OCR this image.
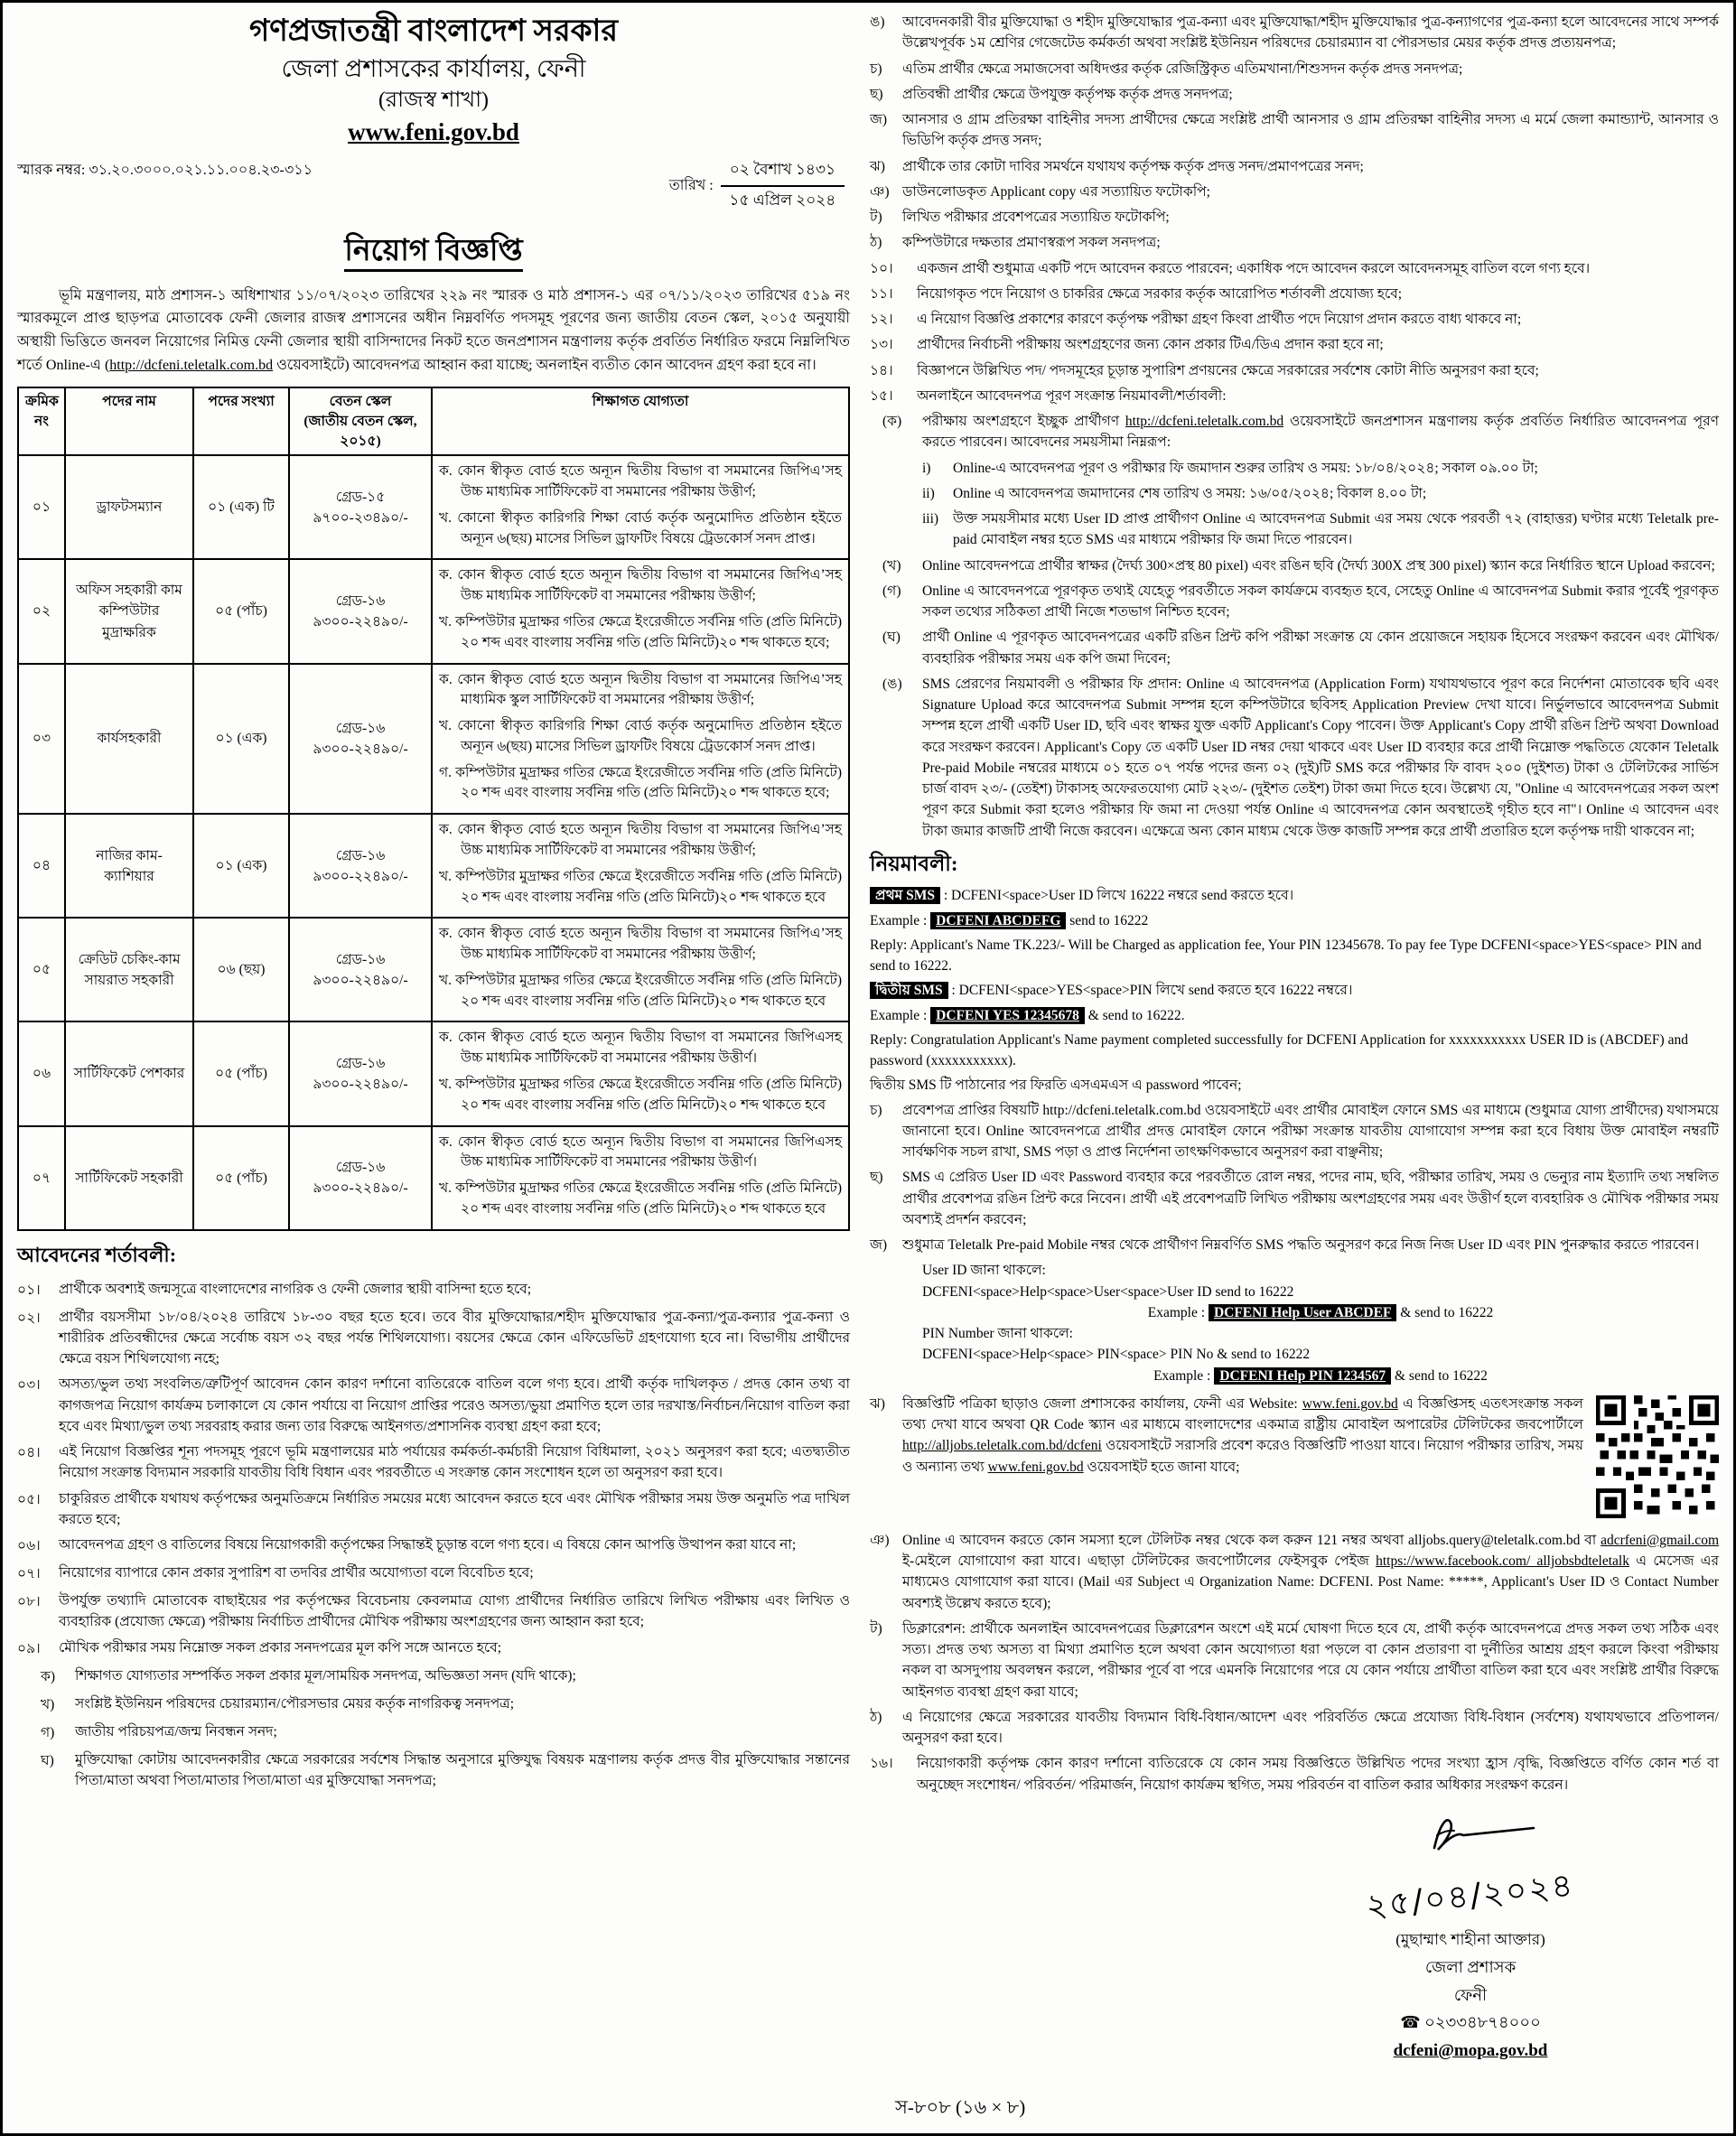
গণপ্রজাতন্ত্রী বাংলাদেশ সরকার
জেলা প্রশাসকের কার্যালয়, ফেনী
(রাজস্ব শাখা)
www.feni.gov.bd
স্মারক নম্বর: ৩১.২০.৩০০০.০২১.১১.০০৪.২৩-৩১১
তারিখ :
০২ বৈশাখ ১৪৩১
১৫ এপ্রিল ২০২৪
নিয়োগ বিজ্ঞপ্তি

ভূমি মন্ত্রণালয়, মাঠ প্রশাসন-১ অধিশাখার ১১/০৭/২০২৩ তারিখের ২২৯ নং স্মারক ও মাঠ প্রশাসন-১ এর ০৭/১১/২০২৩ তারিখের ৫১৯ নং স্মারকমূলে প্রাপ্ত ছাড়পত্র মোতাবেক ফেনী জেলার রাজস্ব প্রশাসনের অধীন নিম্নবর্ণিত পদসমূহ পূরণের জন্য জাতীয় বেতন স্কেল, ২০১৫ অনুযায়ী অস্থায়ী ভিত্তিতে জনবল নিয়োগের নিমিত্ত ফেনী জেলার স্থায়ী বাসিন্দাদের নিকট হতে জনপ্রশাসন মন্ত্রণালয় কর্তৃক প্রবর্তিত নির্ধারিত ফরমে নিম্নলিখিত শর্তে Online-এ (http://dcfeni.teletalk.com.bd ওয়েবসাইটে) আবেদনপত্র আহ্বান করা যাচ্ছে; অনলাইন ব্যতীত কোন আবেদন গ্রহণ করা হবে না।

ক্রমিক নং	পদের নাম	পদের সংখ্যা	বেতন স্কেল
(জাতীয় বেতন স্কেল,
২০১৫)	শিক্ষাগত যোগ্যতা
০১	ড্রাফটসম্যান	০১ (এক) টি	
গ্রেড-১৫
৯৭০০-২৩৪৯০/-

ক. কোন স্বীকৃত বোর্ড হতে অন্যূন দ্বিতীয় বিভাগ বা সমমানের জিপিএ’সহ উচ্চ মাধ্যমিক সার্টিফিকেট বা সমমানের পরীক্ষায় উত্তীর্ণ;
খ. কোনো স্বীকৃত কারিগরি শিক্ষা বোর্ড কর্তৃক অনুমোদিত প্রতিষ্ঠান হইতে অন্যূন ৬(ছয়) মাসের সিভিল ড্রাফটিং বিষয়ে ট্রেডকোর্স সনদ প্রাপ্ত।

০২	অফিস সহকারী কাম কম্পিউটার মুদ্রাক্ষরিক	০৫ (পাঁচ)	
গ্রেড-১৬
৯৩০০-২২৪৯০/-

ক. কোন স্বীকৃত বোর্ড হতে অন্যূন দ্বিতীয় বিভাগ বা সমমানের জিপিএ’সহ উচ্চ মাধ্যমিক সার্টিফিকেট বা সমমানের পরীক্ষায় উত্তীর্ণ;
খ. কম্পিউটার মুদ্রাক্ষর গতির ক্ষেত্রে ইংরেজীতে সর্বনিম্ন গতি (প্রতি মিনিটে) ২০ শব্দ এবং বাংলায় সর্বনিম্ন গতি (প্রতি মিনিটে)২০ শব্দ থাকতে হবে;

০৩	কার্যসহকারী	০১ (এক)	
গ্রেড-১৬
৯৩০০-২২৪৯০/-

ক. কোন স্বীকৃত বোর্ড হতে অন্যূন দ্বিতীয় বিভাগ বা সমমানের জিপিএ’সহ মাধ্যমিক স্কুল সার্টিফিকেট বা সমমানের পরীক্ষায় উত্তীর্ণ;
খ. কোনো স্বীকৃত কারিগরি শিক্ষা বোর্ড কর্তৃক অনুমোদিত প্রতিষ্ঠান হইতে অন্যূন ৬(ছয়) মাসের সিভিল ড্রাফটিং বিষয়ে ট্রেডকোর্স সনদ প্রাপ্ত।
গ. কম্পিউটার মুদ্রাক্ষর গতির ক্ষেত্রে ইংরেজীতে সর্বনিম্ন গতি (প্রতি মিনিটে) ২০ শব্দ এবং বাংলায় সর্বনিম্ন গতি (প্রতি মিনিটে)২০ শব্দ থাকতে হবে;

০৪	নাজির কাম-ক্যাশিয়ার	০১ (এক)	
গ্রেড-১৬
৯৩০০-২২৪৯০/-

ক. কোন স্বীকৃত বোর্ড হতে অন্যূন দ্বিতীয় বিভাগ বা সমমানের জিপিএ’সহ উচ্চ মাধ্যমিক সার্টিফিকেট বা সমমানের পরীক্ষায় উত্তীর্ণ;
খ. কম্পিউটার মুদ্রাক্ষর গতির ক্ষেত্রে ইংরেজীতে সর্বনিম্ন গতি (প্রতি মিনিটে) ২০ শব্দ এবং বাংলায় সর্বনিম্ন গতি (প্রতি মিনিটে)২০ শব্দ থাকতে হবে

০৫	ক্রেডিট চেকিং-কাম সায়রাত সহকারী	০৬ (ছয়)	
গ্রেড-১৬
৯৩০০-২২৪৯০/-

ক. কোন স্বীকৃত বোর্ড হতে অন্যূন দ্বিতীয় বিভাগ বা সমমানের জিপিএ’সহ উচ্চ মাধ্যমিক সার্টিফিকেট বা সমমানের পরীক্ষায় উত্তীর্ণ;
খ. কম্পিউটার মুদ্রাক্ষর গতির ক্ষেত্রে ইংরেজীতে সর্বনিম্ন গতি (প্রতি মিনিটে) ২০ শব্দ এবং বাংলায় সর্বনিম্ন গতি (প্রতি মিনিটে)২০ শব্দ থাকতে হবে

০৬	সার্টিফিকেট পেশকার	০৫ (পাঁচ)	
গ্রেড-১৬
৯৩০০-২২৪৯০/-

ক. কোন স্বীকৃত বোর্ড হতে অন্যূন দ্বিতীয় বিভাগ বা সমমানের জিপিএসহ উচ্চ মাধ্যমিক সার্টিফিকেট বা সমমানের পরীক্ষায় উত্তীর্ণ।
খ. কম্পিউটার মুদ্রাক্ষর গতির ক্ষেত্রে ইংরেজীতে সর্বনিম্ন গতি (প্রতি মিনিটে) ২০ শব্দ এবং বাংলায় সর্বনিম্ন গতি (প্রতি মিনিটে)২০ শব্দ থাকতে হবে

০৭	সার্টিফিকেট সহকারী	০৫ (পাঁচ)	
গ্রেড-১৬
৯৩০০-২২৪৯০/-

ক. কোন স্বীকৃত বোর্ড হতে অন্যূন দ্বিতীয় বিভাগ বা সমমানের জিপিএসহ উচ্চ মাধ্যমিক সার্টিফিকেট বা সমমানের পরীক্ষায় উত্তীর্ণ।
খ. কম্পিউটার মুদ্রাক্ষর গতির ক্ষেত্রে ইংরেজীতে সর্বনিম্ন গতি (প্রতি মিনিটে) ২০ শব্দ এবং বাংলায় সর্বনিম্ন গতি (প্রতি মিনিটে)২০ শব্দ থাকতে হবে
আবেদনের শর্তাবলী:
০১।	প্রার্থীকে অবশ্যই জন্মসূত্রে বাংলাদেশের নাগরিক ও ফেনী জেলার স্থায়ী বাসিন্দা হতে হবে;
০২।	প্রার্থীর বয়সসীমা ১৮/০৪/২০২৪ তারিখে ১৮-৩০ বছর হতে হবে। তবে বীর মুক্তিযোদ্ধার/শহীদ মুক্তিযোদ্ধার পুত্র-কন্যা/পুত্র-কন্যার পুত্র-কন্যা ও শারীরিক প্রতিবন্ধীদের ক্ষেত্রে সর্বোচ্চ বয়স ৩২ বছর পর্যন্ত শিথিলযোগ্য। বয়সের ক্ষেত্রে কোন এফিডেভিট গ্রহণযোগ্য হবে না। বিভাগীয় প্রার্থীদের ক্ষেত্রে বয়স শিথিলযোগ্য নহে;
০৩।	অসত্য/ভুল তথ্য সংবলিত/ত্রুটিপূর্ণ আবেদন কোন কারণ দর্শানো ব্যতিরেকে বাতিল বলে গণ্য হবে। প্রার্থী কর্তৃক দাখিলকৃত / প্রদত্ত কোন তথ্য বা কাগজপত্র নিয়োগ কার্যক্রম চলাকালে যে কোন পর্যায়ে বা নিয়োগ প্রাপ্তির পরেও অসত্য/ভুয়া প্রমাণিত হলে তার দরখাস্ত/নির্বাচন/নিয়োগ বাতিল করা হবে এবং মিথ্যা/ভুল তথ্য সরবরাহ করার জন্য তার বিরুদ্ধে আইনগত/প্রশাসনিক ব্যবস্থা গ্রহণ করা হবে;
০৪।	এই নিয়োগ বিজ্ঞপ্তির শূন্য পদসমূহ পূরণে ভূমি মন্ত্রণালয়ের মাঠ পর্যায়ের কর্মকর্তা-কর্মচারী নিয়োগ বিধিমালা, ২০২১ অনুসরণ করা হবে; এতদ্ব্যতীত নিয়োগ সংক্রান্ত বিদ্যমান সরকারি যাবতীয় বিধি বিধান এবং পরবর্তীতে এ সংক্রান্ত কোন সংশোধন হলে তা অনুসরণ করা হবে।
০৫।	চাকুরিরত প্রার্থীকে যথাযথ কর্তৃপক্ষের অনুমতিক্রমে নির্ধারিত সময়ের মধ্যে আবেদন করতে হবে এবং মৌখিক পরীক্ষার সময় উক্ত অনুমতি পত্র দাখিল করতে হবে;
০৬।	আবেদনপত্র গ্রহণ ও বাতিলের বিষয়ে নিয়োগকারী কর্তৃপক্ষের সিদ্ধান্তই চূড়ান্ত বলে গণ্য হবে। এ বিষয়ে কোন আপত্তি উত্থাপন করা যাবে না;
০৭।	নিয়োগের ব্যাপারে কোন প্রকার সুপারিশ বা তদবির প্রার্থীর অযোগ্যতা বলে বিবেচিত হবে;
০৮।	উপর্যুক্ত তথ্যাদি মোতাবেক বাছাইয়ের পর কর্তৃপক্ষের বিবেচনায় কেবলমাত্র যোগ্য প্রার্থীদের নির্ধারিত তারিখে লিখিত পরীক্ষায় এবং লিখিত ও ব্যবহারিক (প্রযোজ্য ক্ষেত্রে) পরীক্ষায় নির্বাচিত প্রার্থীদের মৌখিক পরীক্ষায় অংশগ্রহণের জন্য আহ্বান করা হবে;
০৯।	মৌখিক পরীক্ষার সময় নিম্নোক্ত সকল প্রকার সনদপত্রের মূল কপি সঙ্গে আনতে হবে;
ক)	শিক্ষাগত যোগ্যতার সম্পর্কিত সকল প্রকার মূল/সাময়িক সনদপত্র, অভিজ্ঞতা সনদ (যদি থাকে);
খ)	সংশ্লিষ্ট ইউনিয়ন পরিষদের চেয়ারম্যান/পৌরসভার মেয়র কর্তৃক নাগরিকত্ব সনদপত্র;
গ)	জাতীয় পরিচয়পত্র/জন্ম নিবন্ধন সনদ;
ঘ)	মুক্তিযোদ্ধা কোটায় আবেদনকারীর ক্ষেত্রে সরকারের সর্বশেষ সিদ্ধান্ত অনুসারে মুক্তিযুদ্ধ বিষয়ক মন্ত্রণালয় কর্তৃক প্রদত্ত বীর মুক্তিযোদ্ধার সন্তানের পিতা/মাতা অথবা পিতা/মাতার পিতা/মাতা এর মুক্তিযোদ্ধা সনদপত্র;
ঙ)	আবেদনকারী বীর মুক্তিযোদ্ধা ও শহীদ মুক্তিযোদ্ধার পুত্র-কন্যা এবং মুক্তিযোদ্ধা/শহীদ মুক্তিযোদ্ধার পুত্র-কন্যাগণের পুত্র-কন্যা হলে আবেদনের সাথে সম্পর্ক উল্লেখপূর্বক ১ম শ্রেণির গেজেটেড কর্মকর্তা অথবা সংশ্লিষ্ট ইউনিয়ন পরিষদের চেয়ারম্যান বা পৌরসভার মেয়র কর্তৃক প্রদত্ত প্রত্যয়নপত্র;
চ)	এতিম প্রার্থীর ক্ষেত্রে সমাজসেবা অধিদপ্তর কর্তৃক রেজিস্ট্রিকৃত এতিমখানা/শিশুসদন কর্তৃক প্রদত্ত সনদপত্র;
ছ)	প্রতিবন্ধী প্রার্থীর ক্ষেত্রে উপযুক্ত কর্তৃপক্ষ কর্তৃক প্রদত্ত সনদপত্র;
জ)	আনসার ও গ্রাম প্রতিরক্ষা বাহিনীর সদস্য প্রার্থীদের ক্ষেত্রে সংশ্লিষ্ট প্রার্থী আনসার ও গ্রাম প্রতিরক্ষা বাহিনীর সদস্য এ মর্মে জেলা কমান্ড্যান্ট, আনসার ও ভিডিপি কর্তৃক প্রদত্ত সনদ;
ঝ)	প্রার্থীকে তার কোটা দাবির সমর্থনে যথাযথ কর্তৃপক্ষ কর্তৃক প্রদত্ত সনদ/প্রমাণপত্রের সনদ;
ঞ) ডাউনলোডকৃত Applicant copy এর সত্যায়িত ফটোকপি;
ট)	লিখিত পরীক্ষার প্রবেশপত্রের সত্যায়িত ফটোকপি;
ঠ)	কম্পিউটারে দক্ষতার প্রমাণস্বরূপ সকল সনদপত্র;
১০।	একজন প্রার্থী শুধুমাত্র একটি পদে আবেদন করতে পারবেন; একাধিক পদে আবেদন করলে আবেদনসমূহ বাতিল বলে গণ্য হবে।
১১।	নিয়োগকৃত পদে নিয়োগ ও চাকরির ক্ষেত্রে সরকার কর্তৃক আরোপিত শর্তাবলী প্রযোজ্য হবে;
১২।	এ নিয়োগ বিজ্ঞপ্তি প্রকাশের কারণে কর্তৃপক্ষ পরীক্ষা গ্রহণ কিংবা প্রার্থীত পদে নিয়োগ প্রদান করতে বাধ্য থাকবে না;
১৩।	প্রার্থীদের নির্বাচনী পরীক্ষায় অংশগ্রহণের জন্য কোন প্রকার টিএ/ডিএ প্রদান করা হবে না;
১৪।	বিজ্ঞাপনে উল্লিখিত পদ/ পদসমূহের চূড়ান্ত সুপারিশ প্রণয়নের ক্ষেত্রে সরকারের সর্বশেষ কোটা নীতি অনুসরণ করা হবে;
১৫।	অনলাইনে আবেদনপত্র পূরণ সংক্রান্ত নিয়মাবলী/শর্তাবলী:
(ক)	পরীক্ষায় অংশগ্রহণে ইচ্ছুক প্রার্থীগণ http://dcfeni.teletalk.com.bd ওয়েবসাইটে জনপ্রশাসন মন্ত্রণালয় কর্তৃক প্রবর্তিত নির্ধারিত আবেদনপত্র পূরণ করতে পারবেন। আবেদনের সময়সীমা নিম্নরূপ:
i)	Online-এ আবেদনপত্র পূরণ ও পরীক্ষার ফি জমাদান শুরুর তারিখ ও সময়: ১৮/০৪/২০২৪; সকাল ০৯.০০ টা;
ii)	Online এ আবেদনপত্র জমাদানের শেষ তারিখ ও সময়: ১৬/০৫/২০২৪; বিকাল ৪.০০ টা;
iii)	উক্ত সময়সীমার মধ্যে User ID প্রাপ্ত প্রার্থীগণ Online এ আবেদনপত্র Submit এর সময় থেকে পরবর্তী ৭২ (বাহাত্তর) ঘণ্টার মধ্যে Teletalk pre-paid মোবাইল নম্বর হতে SMS এর মাধ্যমে পরীক্ষার ফি জমা দিতে পারবেন।
(খ)	Online আবেদনপত্রে প্রার্থীর স্বাক্ষর (দৈর্ঘ্য 300×প্রস্থ 80 pixel) এবং রঙিন ছবি (দৈর্ঘ্য 300X প্রস্থ 300 pixel) স্ক্যান করে নির্ধারিত স্থানে Upload করবেন;
(গ)	Online এ আবেদনপত্রে পূরণকৃত তথ্যই যেহেতু পরবর্তীতে সকল কার্যক্রমে ব্যবহৃত হবে, সেহেতু Online এ আবেদনপত্র Submit করার পূর্বেই পূরণকৃত সকল তথ্যের সঠিকতা প্রার্থী নিজে শতভাগ নিশ্চিত হবেন;
(ঘ)	প্রার্থী Online এ পূরণকৃত আবেদনপত্রের একটি রঙিন প্রিন্ট কপি পরীক্ষা সংক্রান্ত যে কোন প্রয়োজনে সহায়ক হিসেবে সংরক্ষণ করবেন এবং মৌখিক/ব্যবহারিক পরীক্ষার সময় এক কপি জমা দিবেন;
(ঙ)	SMS প্রেরণের নিয়মাবলী ও পরীক্ষার ফি প্রদান: Online এ আবেদনপত্র (Application Form) যথাযথভাবে পূরণ করে নির্দেশনা মোতাবেক ছবি এবং Signature Upload করে আবেদনপত্র Submit সম্পন্ন হলে কম্পিউটারে ছবিসহ Application Preview দেখা যাবে। নির্ভুলভাবে আবেদনপত্র Submit সম্পন্ন হলে প্রার্থী একটি User ID, ছবি এবং স্বাক্ষর যুক্ত একটি Applicant's Copy পাবেন। উক্ত Applicant's Copy প্রার্থী রঙিন প্রিন্ট অথবা Download করে সংরক্ষণ করবেন। Applicant's Copy তে একটি User ID নম্বর দেয়া থাকবে এবং User ID ব্যবহার করে প্রার্থী নিম্নোক্ত পদ্ধতিতে যেকোন Teletalk Pre-paid Mobile নম্বরের মাধ্যমে ০১ হতে ০৭ পর্যন্ত পদের জন্য ০২ (দুই)টি SMS করে পরীক্ষার ফি বাবদ ২০০ (দুইশত) টাকা ও টেলিটকের সার্ভিস চার্জ বাবদ ২৩/- (তেইশ) টাকাসহ অফেরতযোগ্য মোট ২২৩/- (দুইশত তেইশ) টাকা জমা দিতে হবে। উল্লেখ্য যে, "Online এ আবেদনপত্রের সকল অংশ পূরণ করে Submit করা হলেও পরীক্ষার ফি জমা না দেওয়া পর্যন্ত Online এ আবেদনপত্র কোন অবস্থাতেই গৃহীত হবে না"। Online এ আবেদন এবং টাকা জমার কাজটি প্রার্থী নিজে করবেন। এক্ষেত্রে অন্য কোন মাধ্যম থেকে উক্ত কাজটি সম্পন্ন করে প্রার্থী প্রতারিত হলে কর্তৃপক্ষ দায়ী থাকবেন না;
নিয়মাবলী:
প্রথম SMS : DCFENI<space>User ID লিখে 16222 নম্বরে send করতে হবে।
Example : DCFENI ABCDEFG send to 16222
Reply: Applicant's Name TK.223/- Will be Charged as application fee, Your PIN 12345678. To pay fee Type DCFENI<space>YES<space> PIN and send to 16222.
দ্বিতীয় SMS : DCFENI<space>YES<space>PIN লিখে send করতে হবে 16222 নম্বরে।
Example : DCFENI YES 12345678 & send to 16222.
Reply: Congratulation Applicant's Name payment completed successfully for DCFENI Application for xxxxxxxxxxx USER ID is (ABCDEF) and password (xxxxxxxxxxx).
দ্বিতীয় SMS টি পাঠানোর পর ফিরতি এসএমএস এ password পাবেন;
চ)	প্রবেশপত্র প্রাপ্তির বিষয়টি http://dcfeni.teletalk.com.bd ওয়েবসাইটে এবং প্রার্থীর মোবাইল ফোনে SMS এর মাধ্যমে (শুধুমাত্র যোগ্য প্রার্থীদের) যথাসময়ে জানানো হবে। Online আবেদনপত্রে প্রার্থীর প্রদত্ত মোবাইল ফোনে পরীক্ষা সংক্রান্ত যাবতীয় যোগাযোগ সম্পন্ন করা হবে বিধায় উক্ত মোবাইল নম্বরটি সার্বক্ষণিক সচল রাখা, SMS পড়া ও প্রাপ্ত নির্দেশনা তাৎক্ষণিকভাবে অনুসরণ করা বাঞ্ছনীয়;
ছ)	SMS এ প্রেরিত User ID এবং Password ব্যবহার করে পরবর্তীতে রোল নম্বর, পদের নাম, ছবি, পরীক্ষার তারিখ, সময় ও ভেন্যুর নাম ইত্যাদি তথ্য সম্বলিত প্রার্থীর প্রবেশপত্র রঙিন প্রিন্ট করে নিবেন। প্রার্থী এই প্রবেশপত্রটি লিখিত পরীক্ষায় অংশগ্রহণের সময় এবং উত্তীর্ণ হলে ব্যবহারিক ও মৌখিক পরীক্ষার সময় অবশ্যই প্রদর্শন করবেন;
জ)	শুধুমাত্র Teletalk Pre-paid Mobile নম্বর থেকে প্রার্থীগণ নিম্নবর্ণিত SMS পদ্ধতি অনুসরণ করে নিজ নিজ User ID এবং PIN পুনরুদ্ধার করতে পারবেন।
User ID জানা থাকলে:
DCFENI<space>Help<space>User<space>User ID send to 16222
Example : DCFENI Help User ABCDEF & send to 16222
PIN Number জানা থাকলে:
DCFENI<space>Help<space> PIN<space> PIN No & send to 16222
Example : DCFENI Help PIN 1234567 & send to 16222
ঝ)	বিজ্ঞপ্তিটি পত্রিকা ছাড়াও জেলা প্রশাসকের কার্যালয়, ফেনী এর Website: www.feni.gov.bd এ বিজ্ঞপ্তিসহ এতৎসংক্রান্ত সকল তথ্য দেখা যাবে অথবা QR Code স্ক্যান এর মাধ্যমে বাংলাদেশের একমাত্র রাষ্ট্রীয় মোবাইল অপারেটর টেলিটকের জবপোর্টালে http://alljobs.teletalk.com.bd/dcfeni ওয়েবসাইটে সরাসরি প্রবেশ করেও বিজ্ঞপ্তিটি পাওয়া যাবে। নিয়োগ পরীক্ষার তারিখ, সময় ও অন্যান্য তথ্য www.feni.gov.bd ওয়েবসাইট হতে জানা যাবে;
ঞ) Online এ আবেদন করতে কোন সমস্যা হলে টেলিটক নম্বর থেকে কল করুন 121 নম্বর অথবা alljobs.query@teletalk.com.bd বা adcrfeni@gmail.com ই-মেইলে যোগাযোগ করা যাবে। এছাড়া টেলিটকের জবপোর্টালের ফেইসবুক পেইজ https://www.facebook.com/ alljobsbdteletalk এ মেসেজ এর মাধ্যমেও যোগাযোগ করা যাবে। (Mail এর Subject এ Organization Name: DCFENI. Post Name: *****, Applicant's User ID ও Contact Number অবশ্যই উল্লেখ করতে হবে);
ট)	ডিক্লারেশন: প্রার্থীকে অনলাইন আবেদনপত্রের ডিক্লারেশন অংশে এই মর্মে ঘোষণা দিতে হবে যে, প্রার্থী কর্তৃক আবেদনপত্রে প্রদত্ত সকল তথ্য সঠিক এবং সত্য। প্রদত্ত তথ্য অসত্য বা মিথ্যা প্রমাণিত হলে অথবা কোন অযোগ্যতা ধরা পড়লে বা কোন প্রতারণা বা দুর্নীতির আশ্রয় গ্রহণ করলে কিংবা পরীক্ষায় নকল বা অসদুপায় অবলম্বন করলে, পরীক্ষার পূর্বে বা পরে এমনকি নিয়োগের পরে যে কোন পর্যায়ে প্রার্থীতা বাতিল করা হবে এবং সংশ্লিষ্ট প্রার্থীর বিরুদ্ধে আইনগত ব্যবস্থা গ্রহণ করা যাবে;
ঠ)	এ নিয়োগের ক্ষেত্রে সরকারের যাবতীয় বিদ্যমান বিধি-বিধান/আদেশ এবং পরিবর্তিত ক্ষেত্রে প্রযোজ্য বিধি-বিধান (সর্বশেষ) যথাযথভাবে প্রতিপালন/অনুসরণ করা হবে।
১৬।	নিয়োগকারী কর্তৃপক্ষ কোন কারণ দর্শানো ব্যতিরেকে যে কোন সময় বিজ্ঞপ্তিতে উল্লিখিত পদের সংখ্যা হ্রাস /বৃদ্ধি, বিজ্ঞপ্তিতে বর্ণিত কোন শর্ত বা অনুচ্ছেদ সংশোধন/ পরিবর্তন/ পরিমার্জন, নিয়োগ কার্যক্রম স্থগিত, সময় পরিবর্তন বা বাতিল করার অধিকার সংরক্ষণ করেন।
২৫/০৪/২০২৪
(মুছাম্মাৎ শাহীনা আক্তার)
জেলা প্রশাসক
ফেনী
☎ ০২৩৩৪৮৭৪০০০
dcfeni@mopa.gov.bd
স-৮০৮ (১৬ × ৮)
